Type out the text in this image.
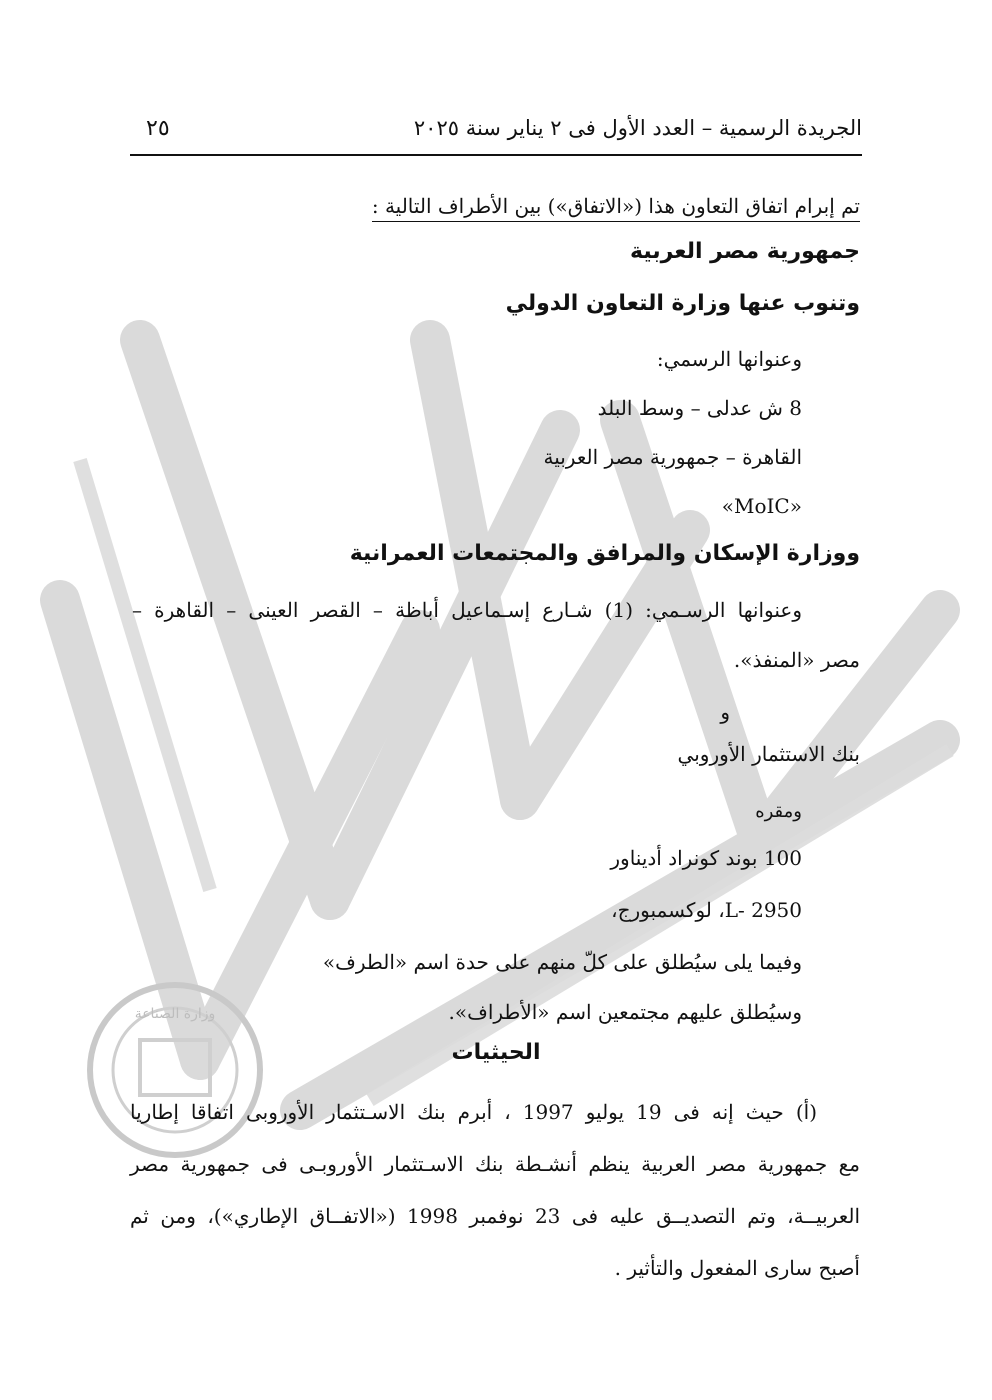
وزارة الصناعة
الجريدة الرسمية – العدد الأول فى ٢ يناير سنة ٢٠٢٥
٢٥
تم إبرام اتفاق التعاون هذا («الاتفاق») بين الأطراف التالية :
جمهورية مصر العربية
وتنوب عنها وزارة التعاون الدولي
وعنوانها الرسمي:
8 ش عدلى – وسط البلد
القاهرة – جمهورية مصر العربية
«MoIC»
ووزارة الإسكان والمرافق والمجتمعات العمرانية
وعنوانها الرسـمي: (1) شـارع إسـماعيل أباظة – القصر العينى – القاهرة –
مصر «المنفذ».
و
بنك الاستثمار الأوروبي
ومقره
100 بوند كونراد أديناور
L- 2950، لوكسمبورج،
وفيما يلى سيُطلق على كلّ منهم على حدة اسم «الطرف»
وسيُطلق عليهم مجتمعين اسم «الأطراف».
الحيثيات
(أ) حيث إنه فى 19 يوليو 1997 ، أبرم بنك الاسـتثمار الأوروبى اتفاقا إطاريا
مع جمهورية مصر العربية ينظم أنشـطة بنك الاسـتثمار الأوروبـى فى جمهورية مصر
العربيــة، وتم التصديــق عليه فى 23 نوفمبر 1998 («الاتفــاق الإطاري»)، ومن ثم
أصبح سارى المفعول والتأثير .
